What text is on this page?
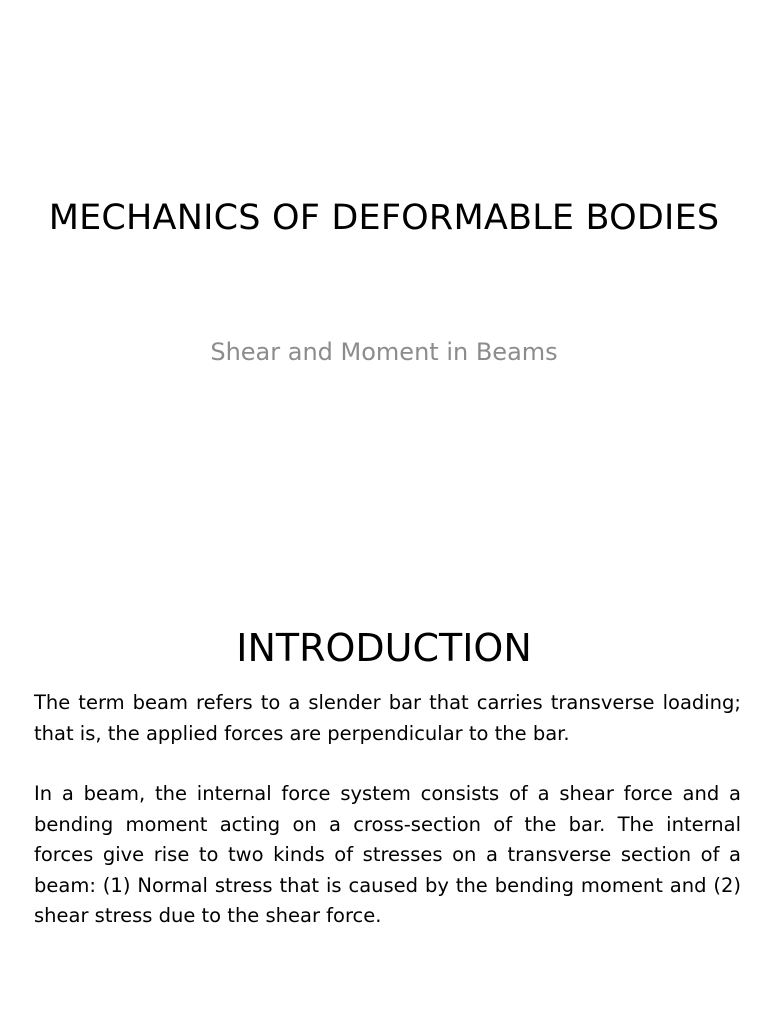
MECHANICS OF DEFORMABLE BODIES
Shear and Moment in Beams
INTRODUCTION

The term beam refers to a slender bar that carries transverse loading; that is, the applied forces are perpendicular to the bar.

In a beam, the internal force system consists of a shear force and a bending moment acting on a cross-section of the bar. The internal forces give rise to two kinds of stresses on a transverse section of a beam: (1) Normal stress that is caused by the bending moment and (2) shear stress due to the shear force.
